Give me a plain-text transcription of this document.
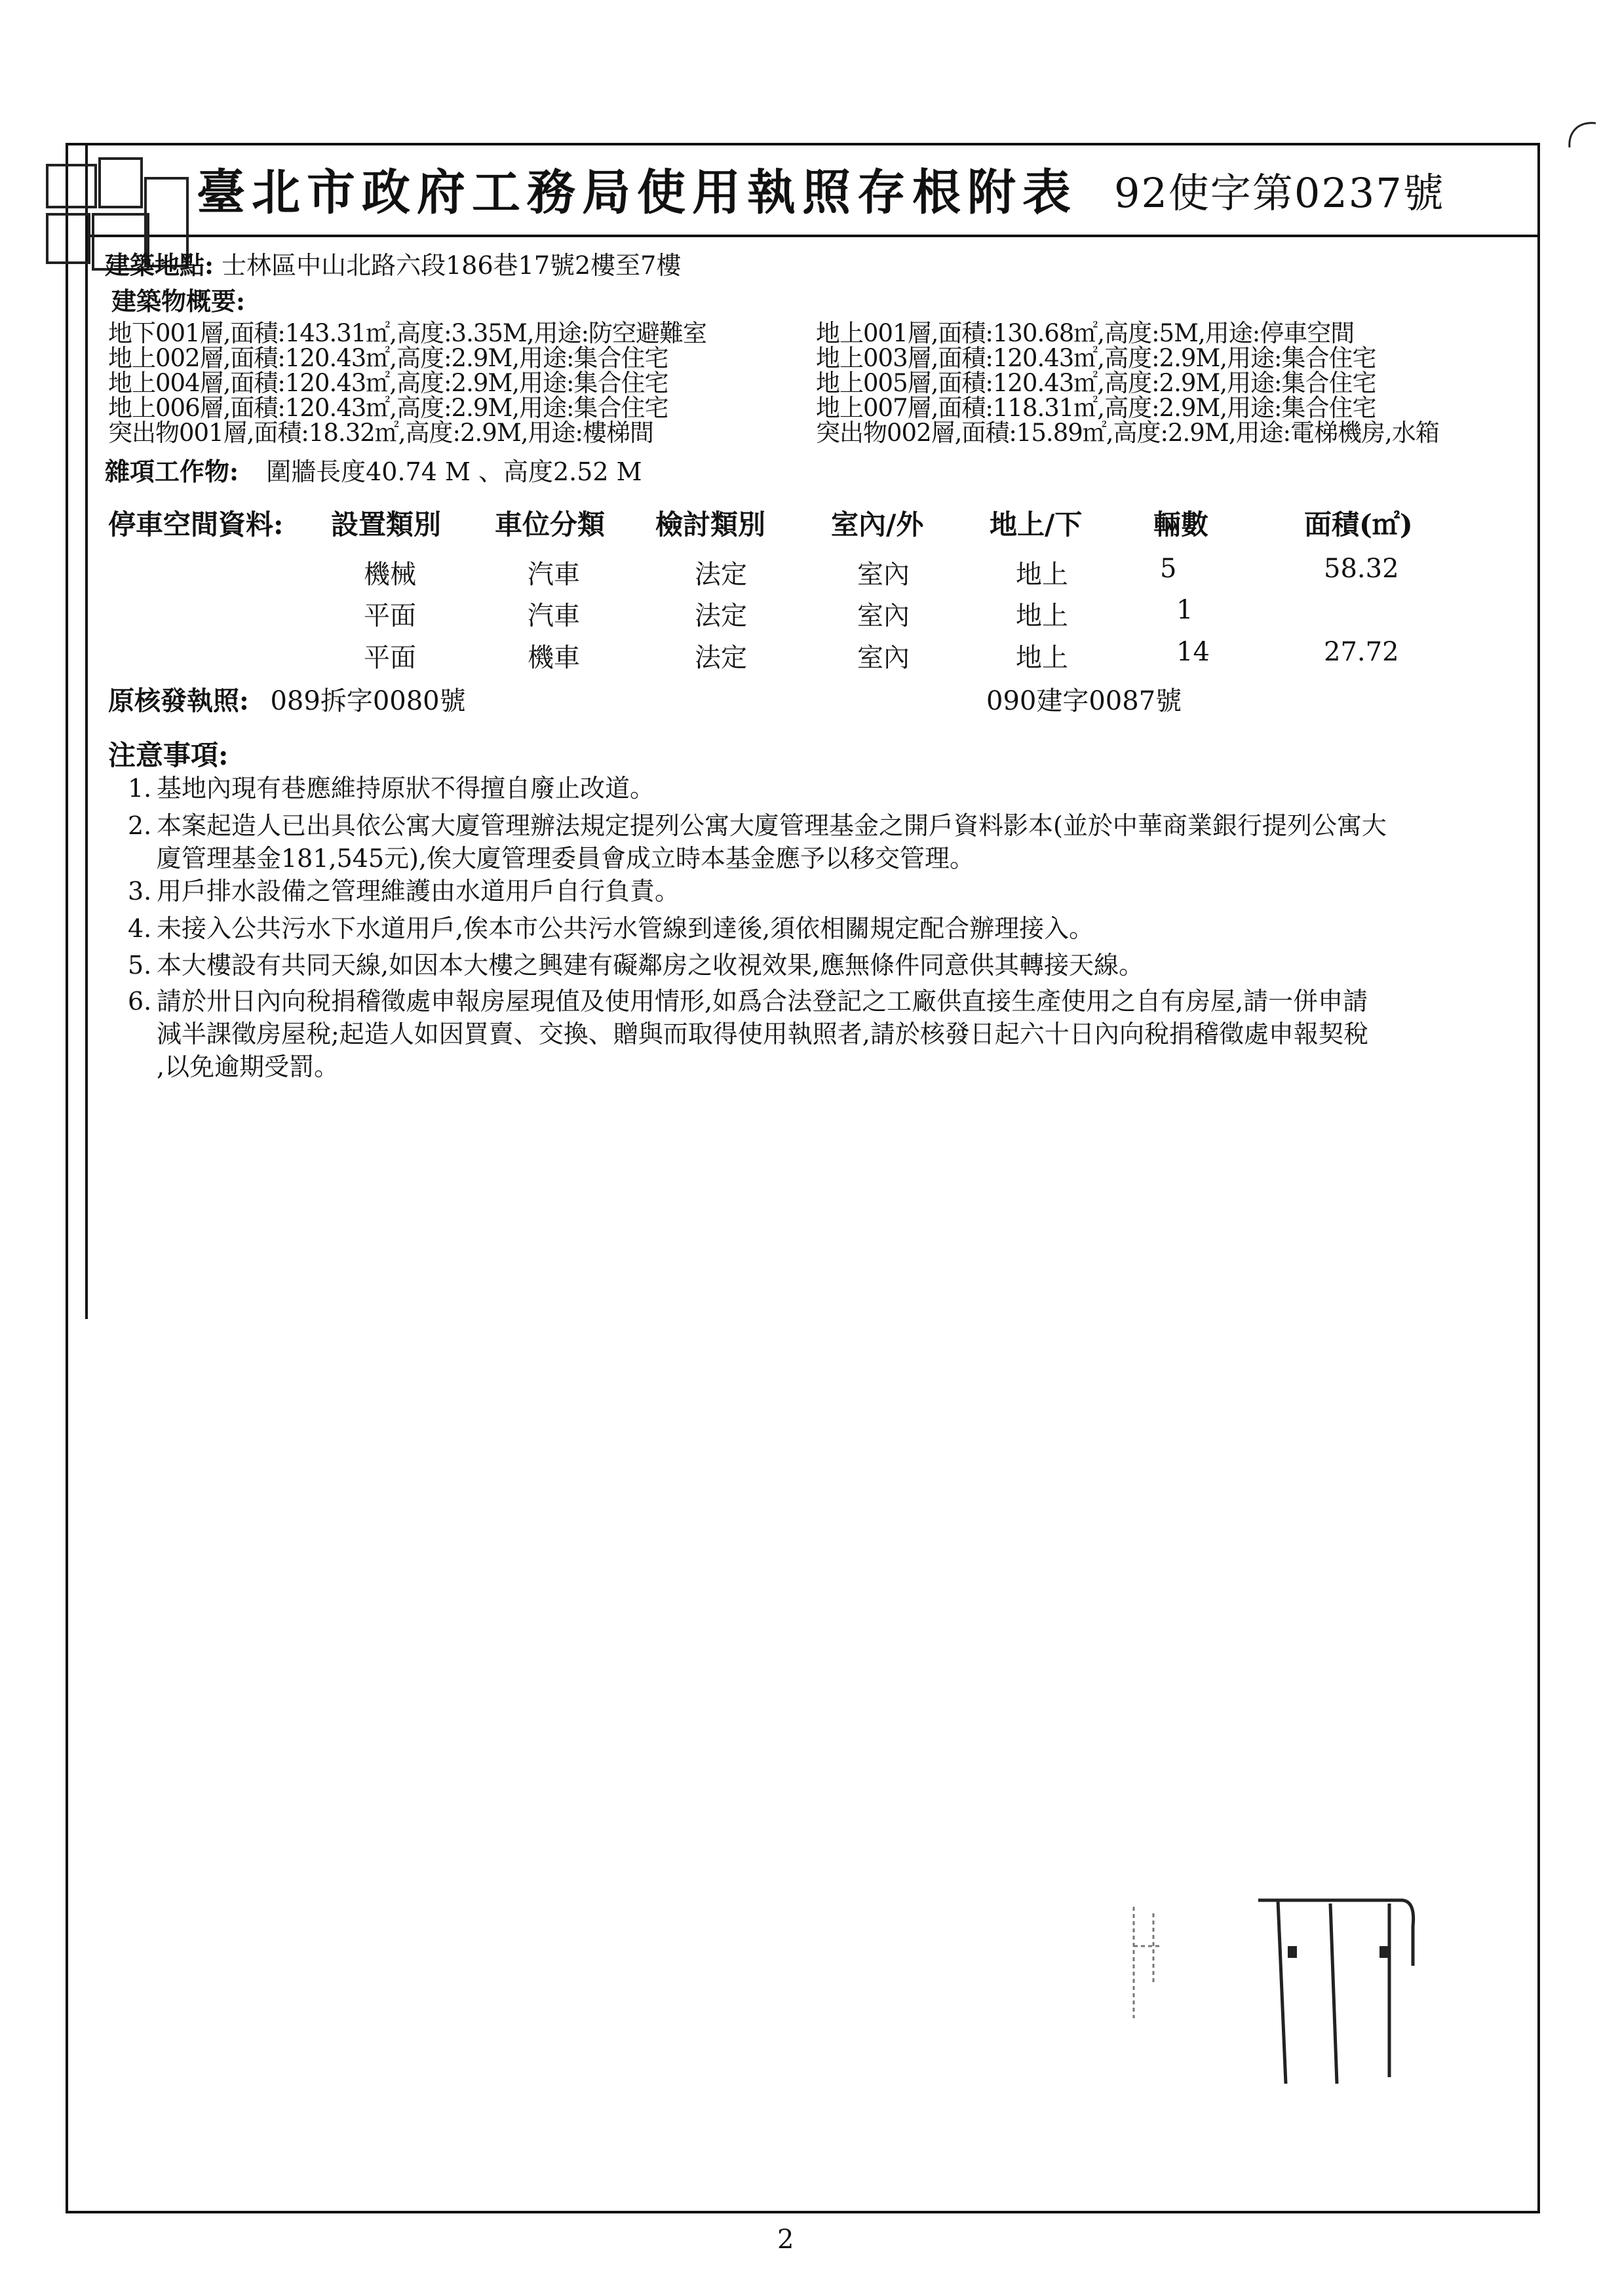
臺北市政府工務局使用執照存根附表 92使字第0237號
建築地點: 士林區中山北路六段186巷17號2樓至7樓
建築物概要:
地下001層,面積:143.31㎡,高度:3.35M,用途:防空避難室
地上002層,面積:120.43㎡,高度:2.9M,用途:集合住宅
地上004層,面積:120.43㎡,高度:2.9M,用途:集合住宅
地上006層,面積:120.43㎡,高度:2.9M,用途:集合住宅
突出物001層,面積:18.32㎡,高度:2.9M,用途:樓梯間
地上001層,面積:130.68㎡,高度:5M,用途:停車空間
地上003層,面積:120.43㎡,高度:2.9M,用途:集合住宅
地上005層,面積:120.43㎡,高度:2.9M,用途:集合住宅
地上007層,面積:118.31㎡,高度:2.9M,用途:集合住宅
突出物002層,面積:15.89㎡,高度:2.9M,用途:電梯機房,水箱
雜項工作物: 圍牆長度40.74 M 、高度2.52 M
停車空間資料: 設置類別 車位分類 檢討類別 室內/外 地上/下	輛數	面積(㎡)
機械	汽車	法定	室內	地上	5	58.32
平面	汽車	法定	室內	地上	1
平面	機車	法定	室內	地上	14	27.72
原核發執照: 089拆字0080號	090建字0087號
注意事項:
1. 基地內現有巷應維持原狀不得擅自廢止改道。
2. 本案起造人已出具依公寓大廈管理辦法規定提列公寓大廈管理基金之開戶資料影本(並於中華商業銀行提列公寓大
廈管理基金181,545元),俟大廈管理委員會成立時本基金應予以移交管理。
3. 用戶排水設備之管理維護由水道用戶自行負責。
4. 未接入公共污水下水道用戶,俟本市公共污水管線到達後,須依相關規定配合辦理接入。
5. 本大樓設有共同天線,如因本大樓之興建有礙鄰房之收視效果,應無條件同意供其轉接天線。
6. 請於卅日內向稅捐稽徵處申報房屋現值及使用情形,如爲合法登記之工廠供直接生產使用之自有房屋,請一併申請
減半課徵房屋稅;起造人如因買賣、交換、贈與而取得使用執照者,請於核發日起六十日內向稅捐稽徵處申報契稅
,以免逾期受罰。
2
